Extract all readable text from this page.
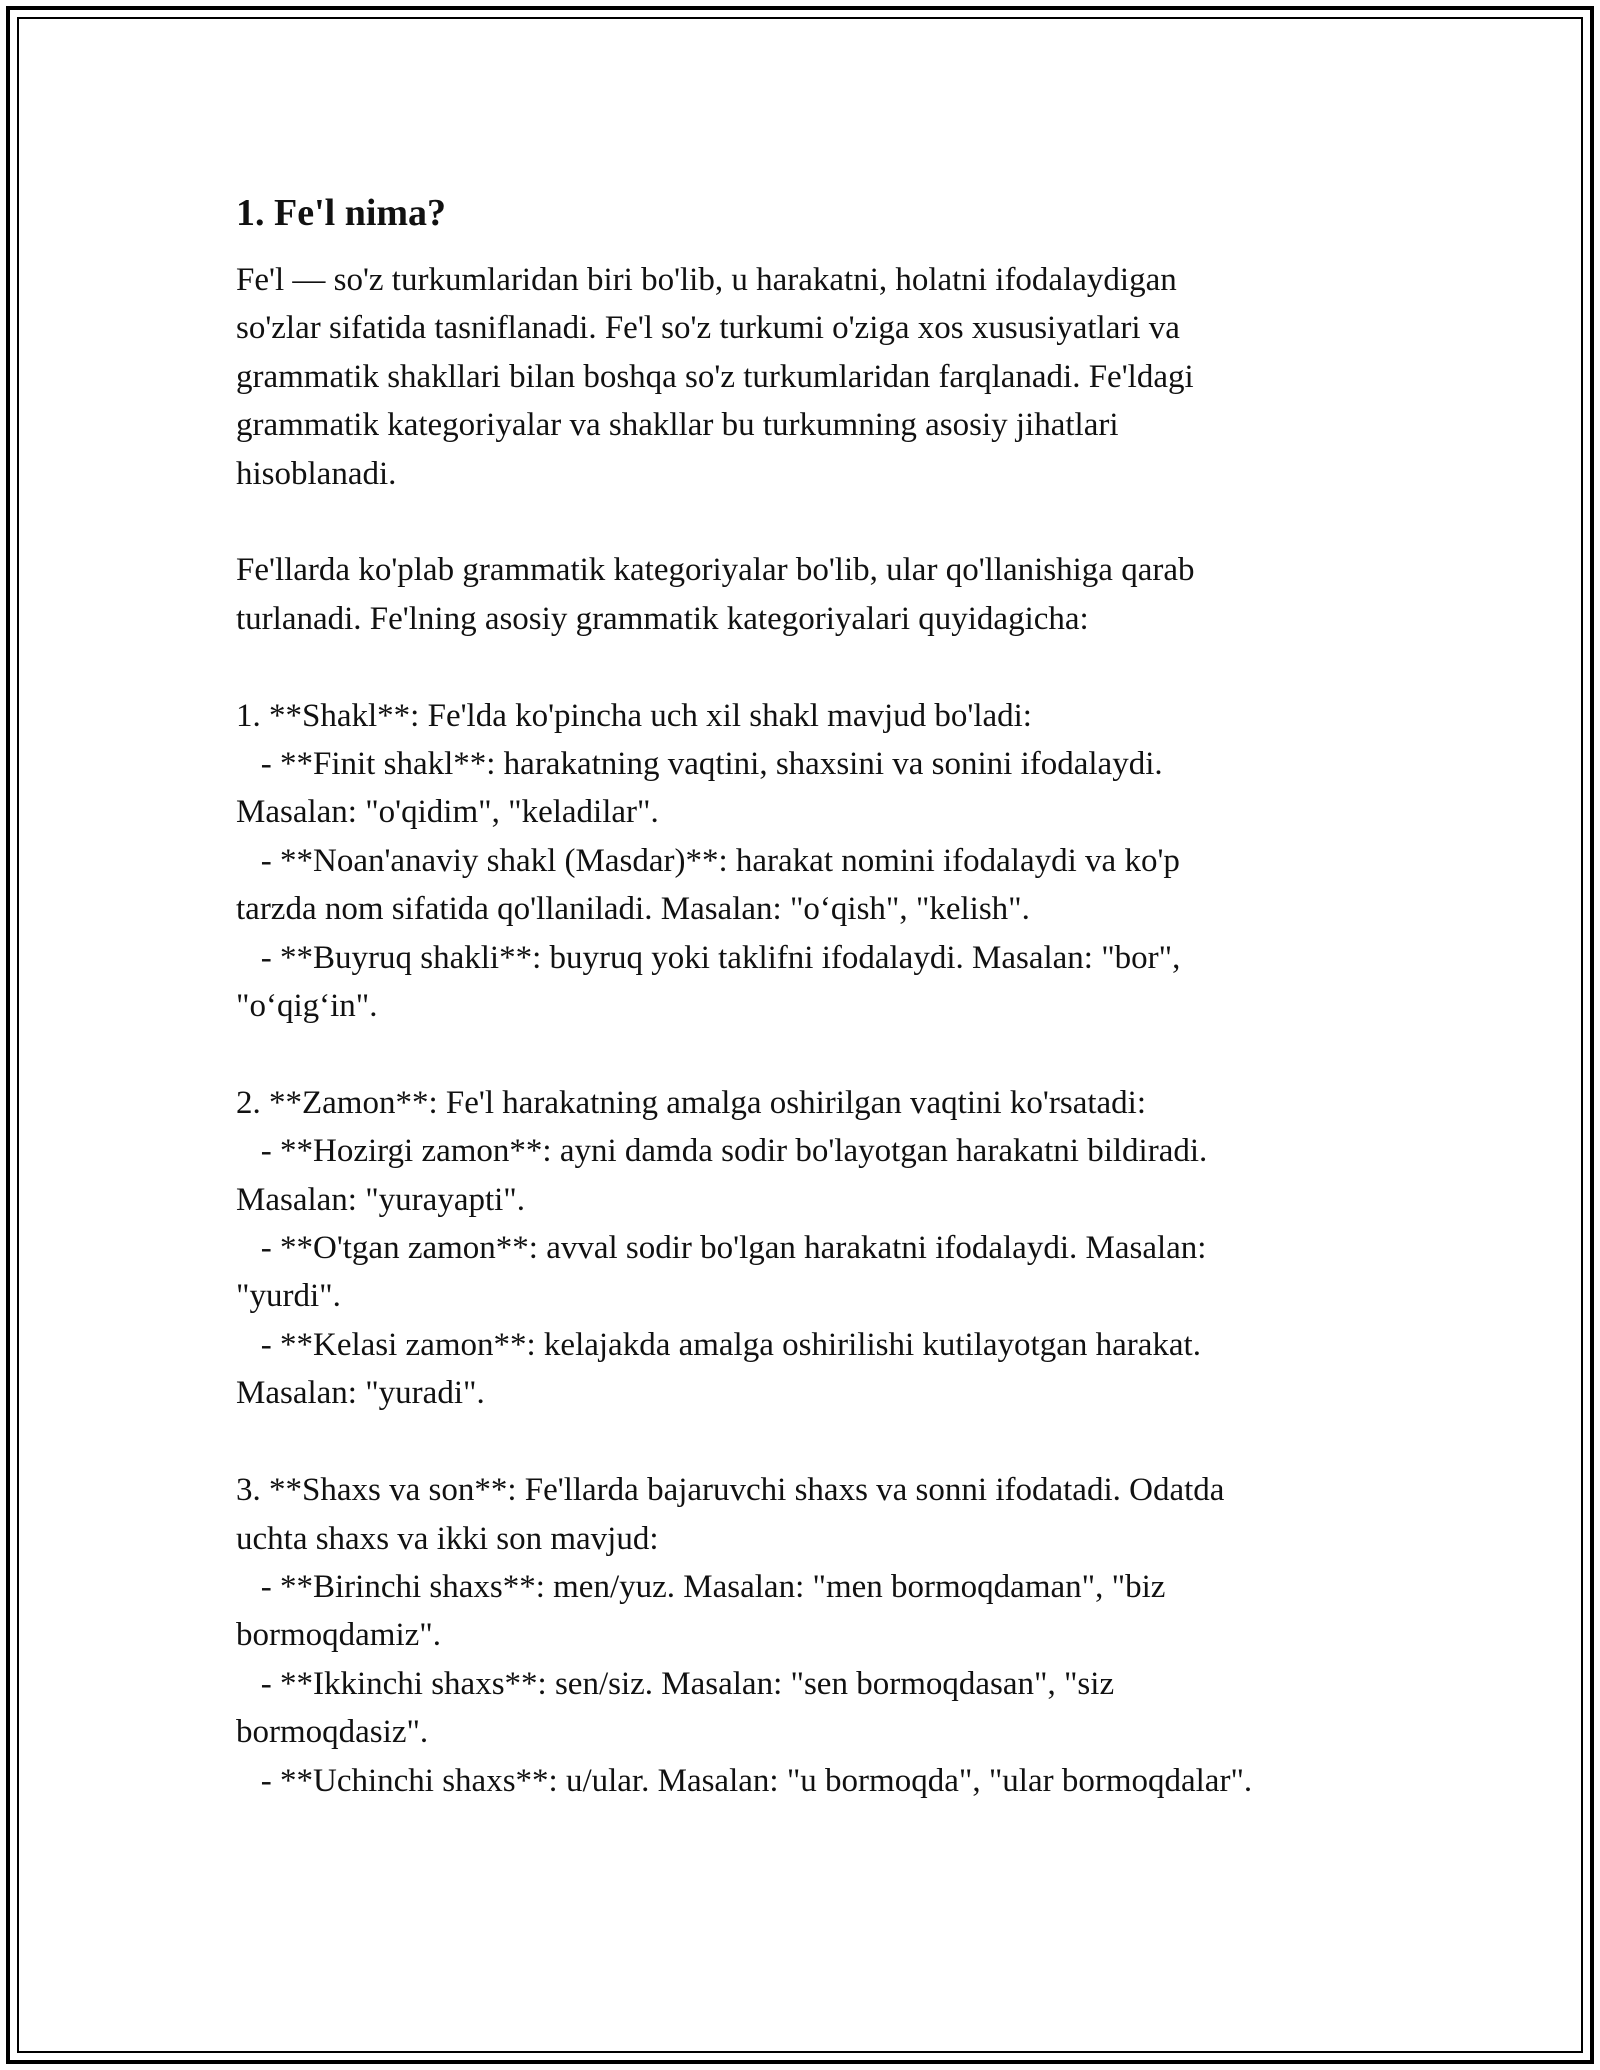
1. Fe'l nima?

Fe'l — so'z turkumlaridan biri bo'lib, u harakatni, holatni ifodalaydigan
so'zlar sifatida tasniflanadi. Fe'l so'z turkumi o'ziga xos xususiyatlari va
grammatik shakllari bilan boshqa so'z turkumlaridan farqlanadi. Fe'ldagi
grammatik kategoriyalar va shakllar bu turkumning asosiy jihatlari
hisoblanadi.

Fe'llarda ko'plab grammatik kategoriyalar bo'lib, ular qo'llanishiga qarab
turlanadi. Fe'lning asosiy grammatik kategoriyalari quyidagicha:

1. **Shakl**: Fe'lda ko'pincha uch xil shakl mavjud bo'ladi:
- **Finit shakl**: harakatning vaqtini, shaxsini va sonini ifodalaydi.
Masalan: "o'qidim", "keladilar".
- **Noan'anaviy shakl (Masdar)**: harakat nomini ifodalaydi va ko'p
tarzda nom sifatida qo'llaniladi. Masalan: "o‘qish", "kelish".
- **Buyruq shakli**: buyruq yoki taklifni ifodalaydi. Masalan: "bor",
"o‘qig‘in".

2. **Zamon**: Fe'l harakatning amalga oshirilgan vaqtini ko'rsatadi:
- **Hozirgi zamon**: ayni damda sodir bo'layotgan harakatni bildiradi.
Masalan: "yurayapti".
- **O'tgan zamon**: avval sodir bo'lgan harakatni ifodalaydi. Masalan:
"yurdi".
- **Kelasi zamon**: kelajakda amalga oshirilishi kutilayotgan harakat.
Masalan: "yuradi".

3. **Shaxs va son**: Fe'llarda bajaruvchi shaxs va sonni ifodatadi. Odatda
uchta shaxs va ikki son mavjud:
- **Birinchi shaxs**: men/yuz. Masalan: "men bormoqdaman", "biz
bormoqdamiz".
- **Ikkinchi shaxs**: sen/siz. Masalan: "sen bormoqdasan", "siz
bormoqdasiz".
- **Uchinchi shaxs**: u/ular. Masalan: "u bormoqda", "ular bormoqdalar".
